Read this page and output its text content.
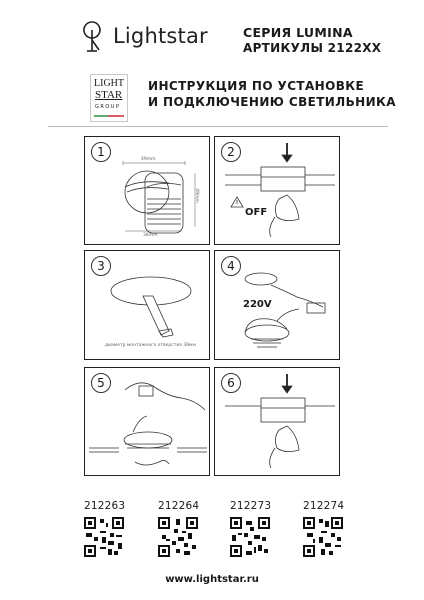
Lightstar	СЕРИЯ LUMINA
АРТИКУЛЫ 2122XX
LIGHT
STAR
GROUP
ИНСТРУКЦИЯ ПО УСТАНОВКЕ
И ПОДКЛЮЧЕНИЮ СВЕТИЛЬНИКА
1
49mm
49mm
38mm
2
OFF
3
диаметр монтажного отверстия 38мм
4
220V
5	6
212263	212264	212273	212274
www.lightstar.ru
